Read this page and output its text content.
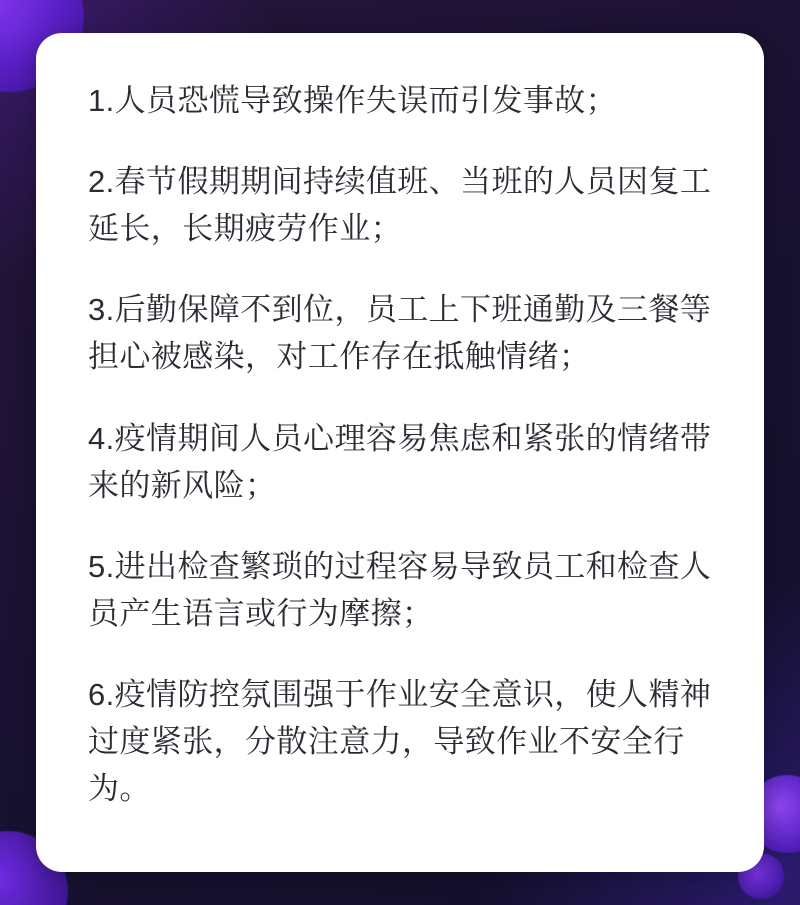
1.人员恐慌导致操作失误而引发事故；

2.春节假期期间持续值班、当班的人员因复工延长，长期疲劳作业；

3.后勤保障不到位，员工上下班通勤及三餐等担心被感染，对工作存在抵触情绪；

4.疫情期间人员心理容易焦虑和紧张的情绪带来的新风险；

5.进出检查繁琐的过程容易导致员工和检查人员产生语言或行为摩擦；

6.疫情防控氛围强于作业安全意识，使人精神过度紧张，分散注意力，导致作业不安全行为。
